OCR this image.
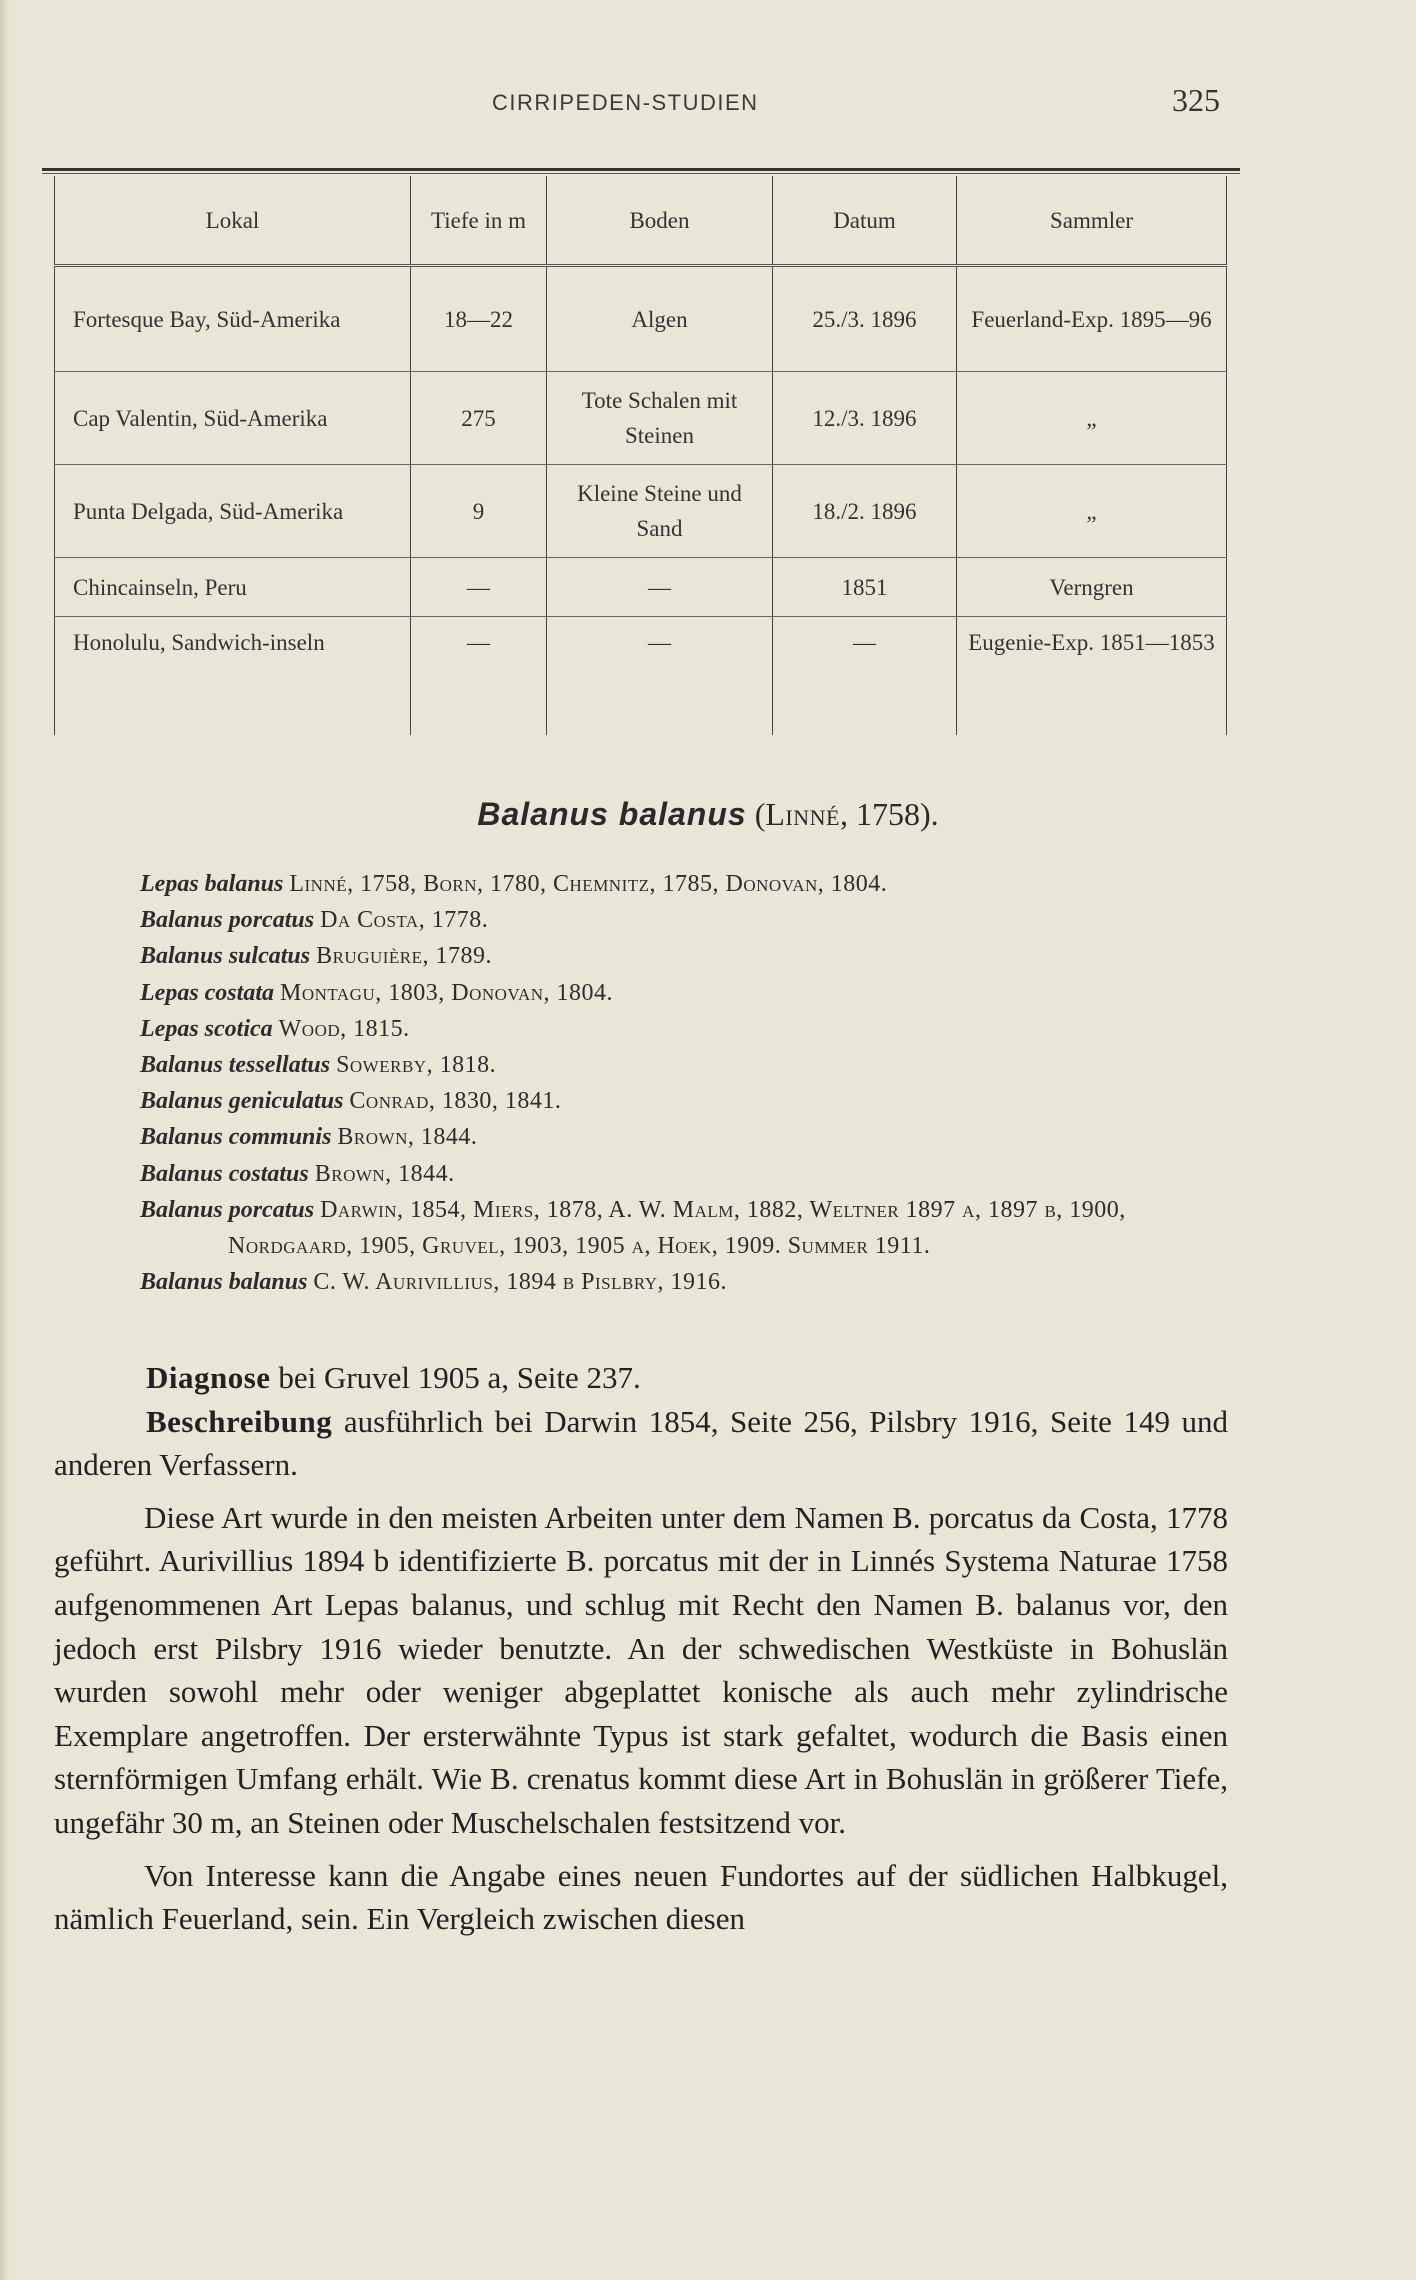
CIRRIPEDEN-STUDIEN	325
Lokal	Tiefe in m	Boden	Datum	Sammler
Fortesque Bay, Süd-Amerika	18—22	Algen	25./3. 1896	Feuerland-Exp. 1895—96
Cap Valentin, Süd-Amerika	275	Tote Schalen mit Steinen	12./3. 1896	„
Punta Delgada, Süd-Amerika	9	Kleine Steine und Sand	18./2. 1896	„
Chincainseln, Peru	—	—	1851	Verngren
Honolulu, Sandwich-inseln	—	—	—	Eugenie-Exp. 1851—1853
Balanus balanus (Linné, 1758).

Lepas balanus Linné, 1758, Born, 1780, Chemnitz, 1785, Donovan, 1804.

Balanus porcatus Da Costa, 1778.

Balanus sulcatus Bruguière, 1789.

Lepas costata Montagu, 1803, Donovan, 1804.

Lepas scotica Wood, 1815.

Balanus tessellatus Sowerby, 1818.

Balanus geniculatus Conrad, 1830, 1841.

Balanus communis Brown, 1844.

Balanus costatus Brown, 1844.

Balanus porcatus Darwin, 1854, Miers, 1878, A. W. Malm, 1882, Weltner 1897 a, 1897 b, 1900, Nordgaard, 1905, Gruvel, 1903, 1905 a, Hoek, 1909. Summer 1911.

Balanus balanus C. W. Aurivillius, 1894 b Pislbry, 1916.

Diagnose bei Gruvel 1905 a, Seite 237.

Beschreibung ausführlich bei Darwin 1854, Seite 256, Pilsbry 1916, Seite 149 und anderen Verfassern.

Diese Art wurde in den meisten Arbeiten unter dem Namen B. porcatus da Costa, 1778 geführt. Aurivillius 1894 b identifizierte B. porcatus mit der in Linnés Systema Naturae 1758 aufgenommenen Art Lepas balanus, und schlug mit Recht den Namen B. balanus vor, den jedoch erst Pilsbry 1916 wieder benutzte. An der schwedischen Westküste in Bohuslän wurden sowohl mehr oder weniger abgeplattet konische als auch mehr zylindrische Exemplare angetroffen. Der ersterwähnte Typus ist stark gefaltet, wodurch die Basis einen sternförmigen Umfang erhält. Wie B. crenatus kommt diese Art in Bohuslän in größerer Tiefe, ungefähr 30 m, an Steinen oder Muschelschalen festsitzend vor.

Von Interesse kann die Angabe eines neuen Fundortes auf der südlichen Halbkugel, nämlich Feuerland, sein. Ein Vergleich zwischen diesen
